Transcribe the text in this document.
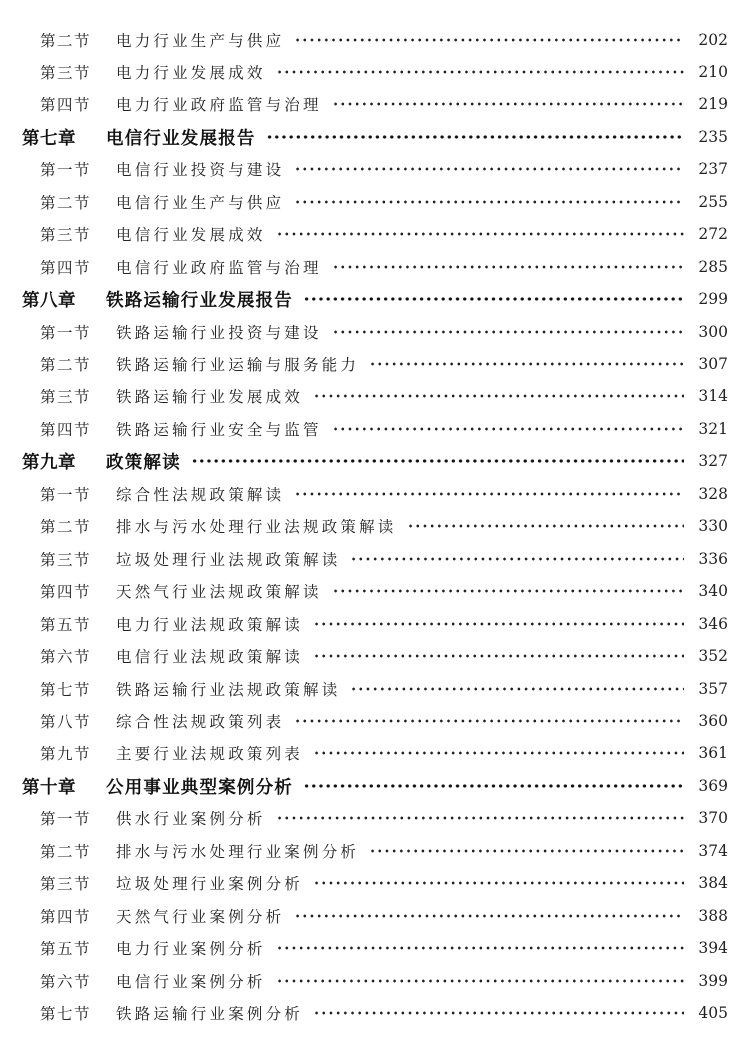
第二节	电力行业生产与供应	202
第三节	电力行业发展成效	210
第四节	电力行业政府监管与治理	219
第七章	电信行业发展报告	235
第一节	电信行业投资与建设	237
第二节	电信行业生产与供应	255
第三节	电信行业发展成效	272
第四节	电信行业政府监管与治理	285
第八章	铁路运输行业发展报告	299
第一节	铁路运输行业投资与建设	300
第二节	铁路运输行业运输与服务能力	307
第三节	铁路运输行业发展成效	314
第四节	铁路运输行业安全与监管	321
第九章	政策解读	327
第一节	综合性法规政策解读	328
第二节	排水与污水处理行业法规政策解读	330
第三节	垃圾处理行业法规政策解读	336
第四节	天然气行业法规政策解读	340
第五节	电力行业法规政策解读	346
第六节	电信行业法规政策解读	352
第七节	铁路运输行业法规政策解读	357
第八节	综合性法规政策列表	360
第九节	主要行业法规政策列表	361
第十章	公用事业典型案例分析	369
第一节	供水行业案例分析	370
第二节	排水与污水处理行业案例分析	374
第三节	垃圾处理行业案例分析	384
第四节	天然气行业案例分析	388
第五节	电力行业案例分析	394
第六节	电信行业案例分析	399
第七节	铁路运输行业案例分析	405
